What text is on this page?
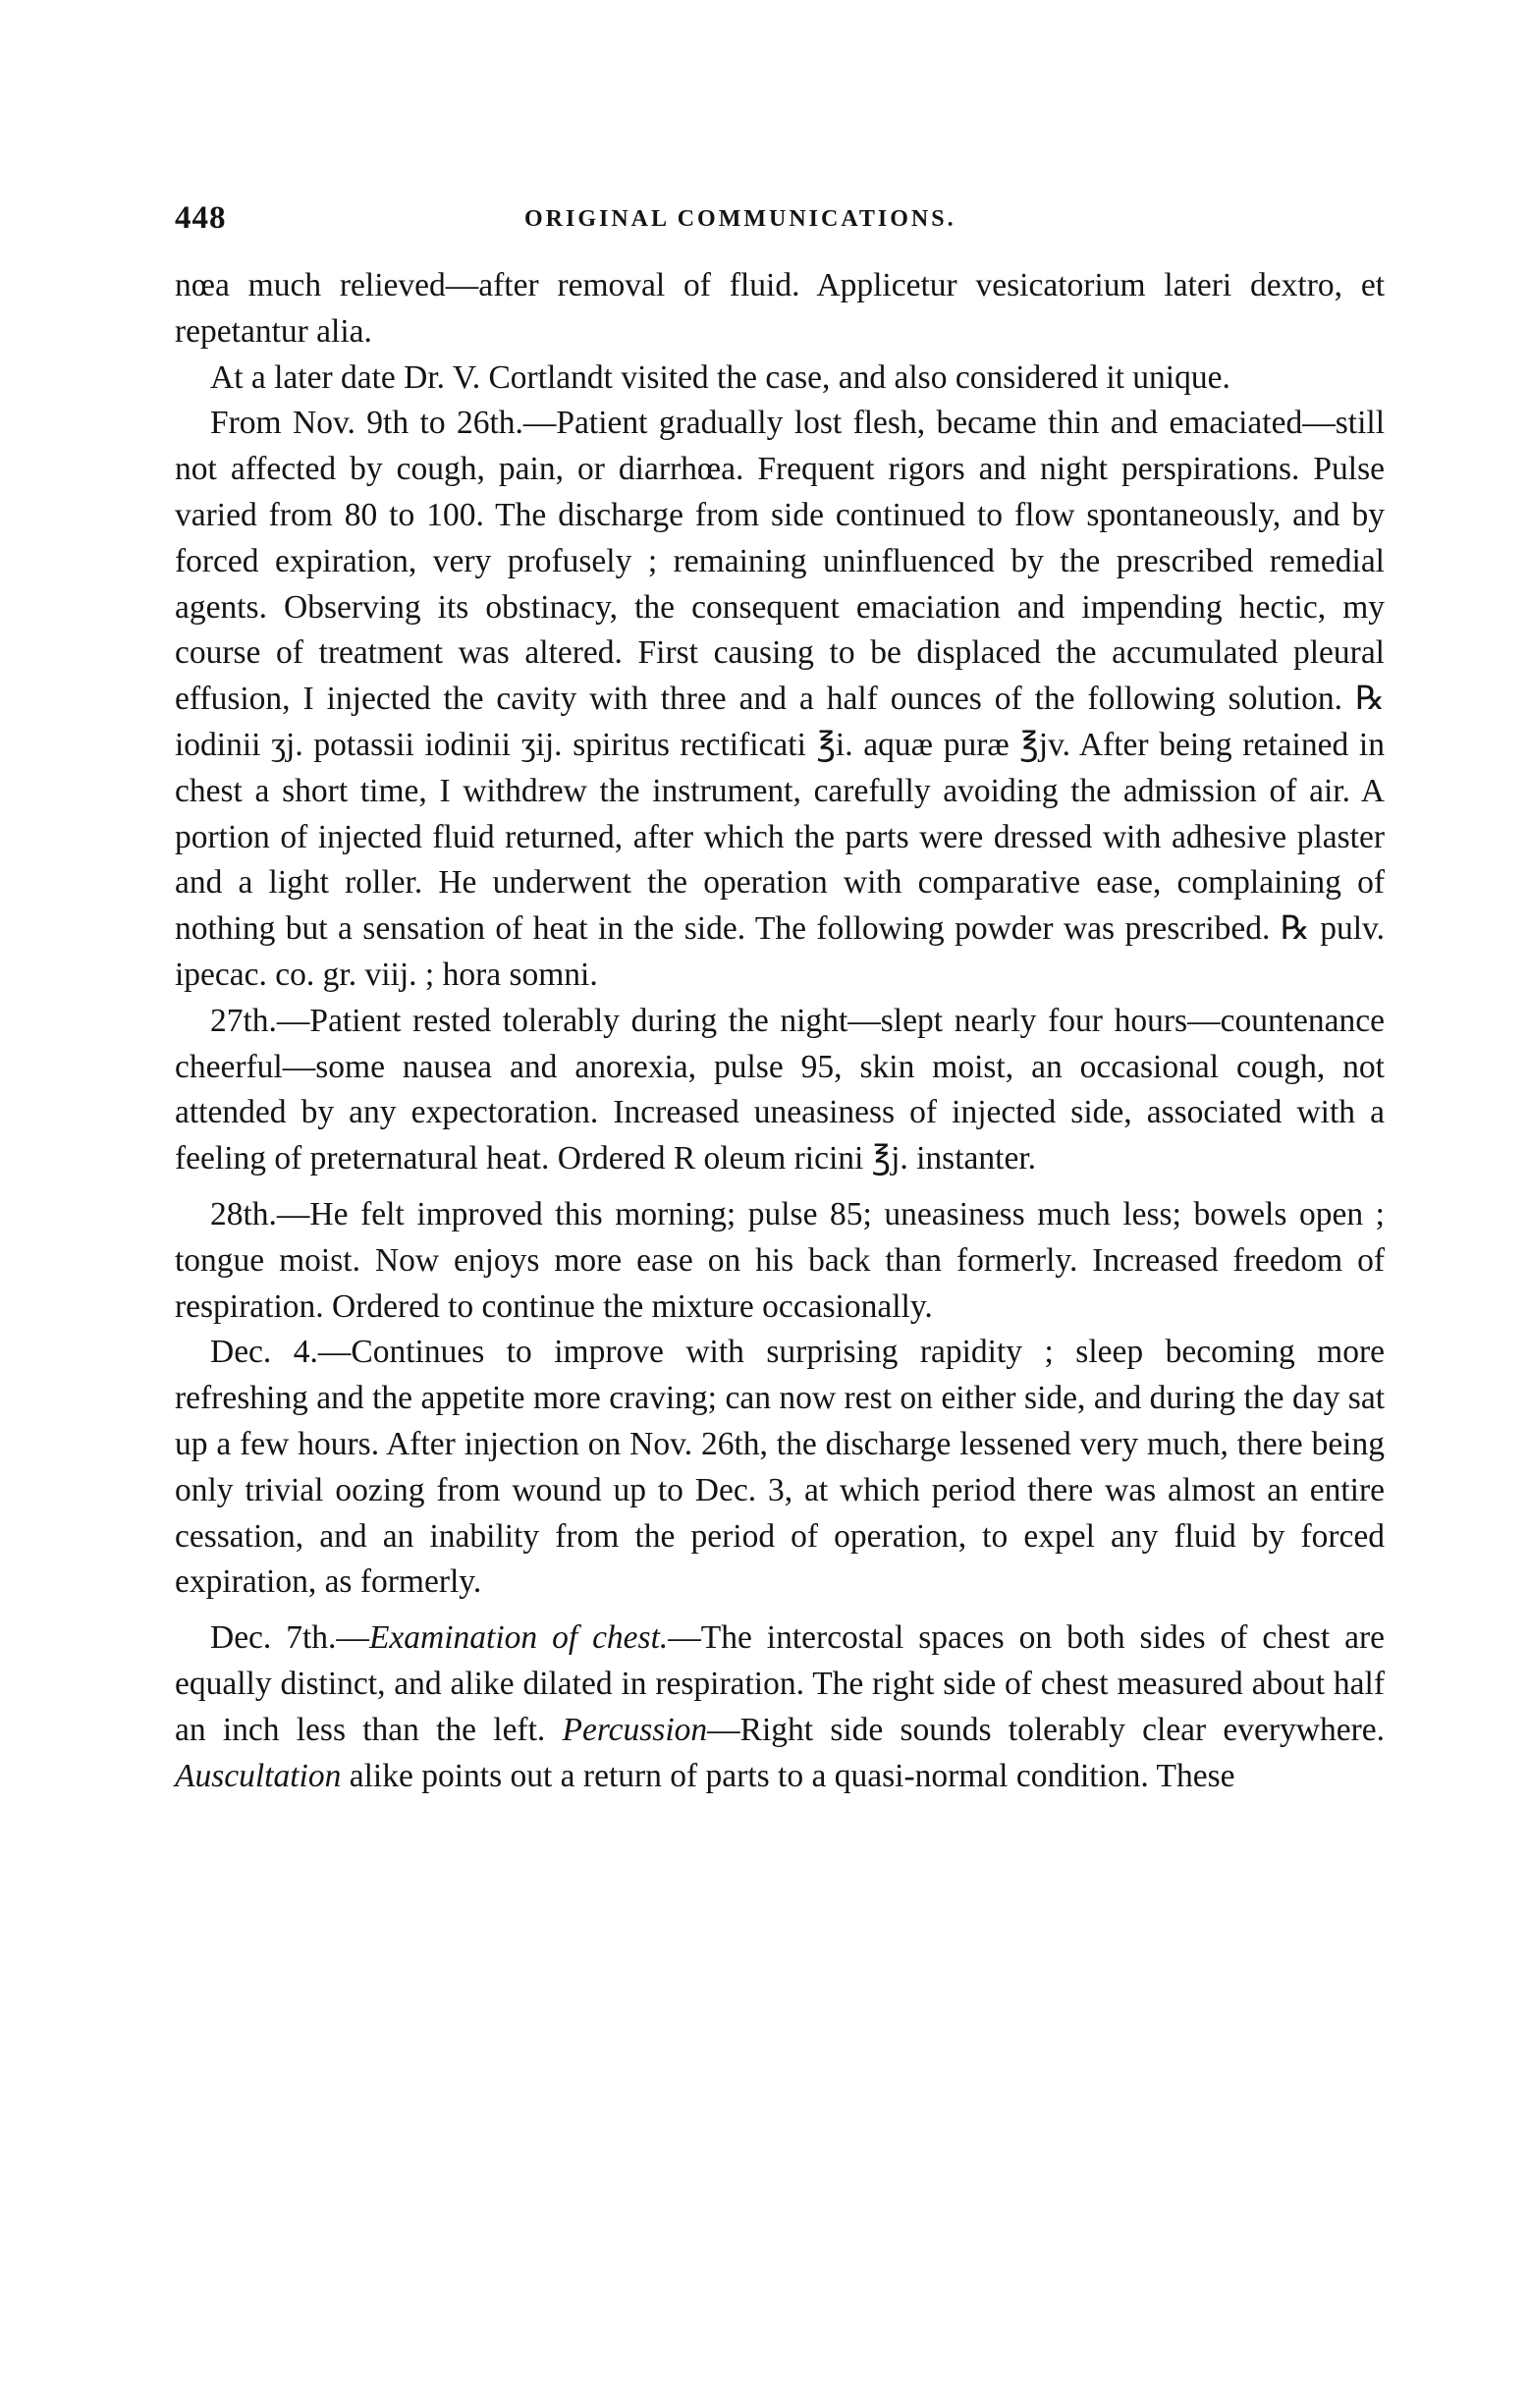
448	ORIGINAL COMMUNICATIONS.

nœa much relieved—after removal of fluid. Applicetur vesicatorium lateri dextro, et repetantur alia.

At a later date Dr. V. Cortlandt visited the case, and also considered it unique.

From Nov. 9th to 26th.—Patient gradually lost flesh, became thin and emaciated—still not affected by cough, pain, or diarrhœa. Frequent rigors and night perspirations. Pulse varied from 80 to 100. The discharge from side continued to flow spontaneously, and by forced expiration, very profusely ; remaining uninfluenced by the prescribed remedial agents. Observing its obstinacy, the consequent emaciation and impending hectic, my course of treatment was altered. First causing to be displaced the accumulated pleural effusion, I injected the cavity with three and a half ounces of the following solution. ℞ iodinii ʒj. potassii iodinii ʒij. spiritus rectificati ℥i. aquæ puræ ℥jv. After being retained in chest a short time, I withdrew the instrument, carefully avoiding the admission of air. A portion of injected fluid returned, after which the parts were dressed with adhesive plaster and a light roller. He underwent the operation with comparative ease, complaining of nothing but a sensation of heat in the side. The following powder was prescribed. ℞ pulv. ipecac. co. gr. viij. ; hora somni.

27th.—Patient rested tolerably during the night—slept nearly four hours—countenance cheerful—some nausea and anorexia, pulse 95, skin moist, an occasional cough, not attended by any expectoration. Increased uneasiness of injected side, associated with a feeling of preternatural heat. Ordered R oleum ricini ℥j. instanter.

28th.—He felt improved this morning; pulse 85; uneasiness much less; bowels open ; tongue moist. Now enjoys more ease on his back than formerly. Increased freedom of respiration. Ordered to continue the mixture occasionally.

Dec. 4.—Continues to improve with surprising rapidity ; sleep becoming more refreshing and the appetite more craving; can now rest on either side, and during the day sat up a few hours. After injection on Nov. 26th, the discharge lessened very much, there being only trivial oozing from wound up to Dec. 3, at which period there was almost an entire cessation, and an inability from the period of operation, to expel any fluid by forced expiration, as formerly.

Dec. 7th.—Examination of chest.—The intercostal spaces on both sides of chest are equally distinct, and alike dilated in respiration. The right side of chest measured about half an inch less than the left. Percussion—Right side sounds tolerably clear everywhere. Auscultation alike points out a return of parts to a quasi-normal condition. These
